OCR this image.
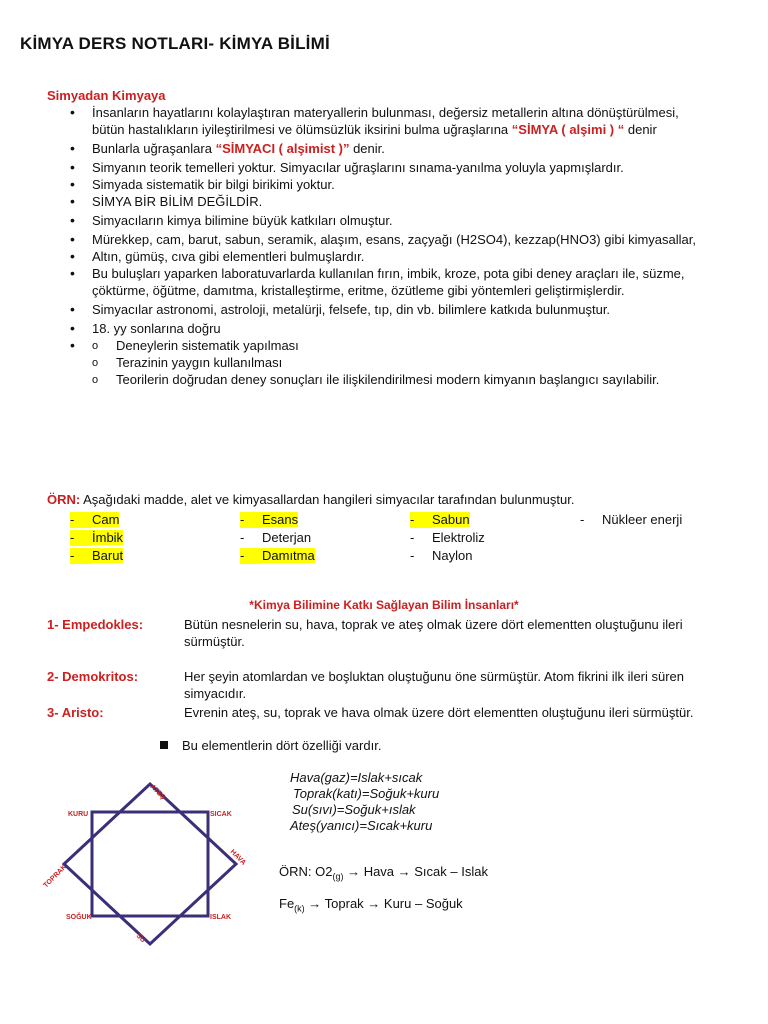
KİMYA DERS NOTLARI- KİMYA BİLİMİ
Simyadan Kimyaya
• İnsanların hayatlarını kolaylaştıran materyallerin bulunması, değersiz metallerin altına dönüştürülmesi, bütün hastalıkların iyileştirilmesi ve ölümsüzlük iksirini bulma uğraşlarına “SİMYA ( alşimi ) “ denir
• Bunlarla uğraşanlara “SİMYACI ( alşimist )” denir.
• Simyanın teorik temelleri yoktur. Simyacılar uğraşlarını sınama-yanılma yoluyla yapmışlardır.
• Simyada sistematik bir bilgi birikimi yoktur.
• SİMYA BİR BİLİM DEĞİLDİR.
• Simyacıların kimya bilimine büyük katkıları olmuştur.
• Mürekkep, cam, barut, sabun, seramik, alaşım, esans, zaçyağı (H2SO4), kezzap(HNO3) gibi kimyasallar,
• Altın, gümüş, cıva gibi elementleri bulmuşlardır.
• Bu buluşları yaparken laboratuvarlarda kullanılan fırın, imbik, kroze, pota gibi deney araçları ile, süzme, çöktürme, öğütme, damıtma, kristalleştirme, eritme, özütleme gibi yöntemleri geliştirmişlerdir.
• Simyacılar astronomi, astroloji, metalürji, felsefe, tıp, din vb. bilimlere katkıda bulunmuştur.
• 18. yy sonlarına doğru
o • Deneylerin sistematik yapılması
o Terazinin yaygın kullanılması
o Teorilerin doğrudan deney sonuçları ile ilişkilendirilmesi modern kimyanın başlangıcı sayılabilir.
ÖRN: Aşağıdaki madde, alet ve kimyasallardan hangileri simyacılar tarafından bulunmuştur.
- Cam	- Esans	- Sabun	- Nükleer enerji
- İmbik	- Deterjan	- Elektroliz
- Barut	- Damıtma	- Naylon
*Kimya Bilimine Katkı Sağlayan Bilim İnsanları*
1- Empedokles:	Bütün nesnelerin su, hava, toprak ve ateş olmak üzere dört elementten oluştuğunu ileri sürmüştür.
2- Demokritos:	Her şeyin atomlardan ve boşluktan oluştuğunu öne sürmüştür. Atom fikrini ilk ileri süren simyacıdır.
3- Aristo:	Evrenin ateş, su, toprak ve hava olmak üzere dört elementten oluştuğunu ileri sürmüştür.
Bu elementlerin dört özelliği vardır.
Hava(gaz)=Islak+sıcak
Toprak(katı)=Soğuk+kuru
Su(sıvı)=Soğuk+ıslak
Ateş(yanıcı)=Sıcak+kuru
ATEŞ
KURU	SICAK
HAVA
TOPRAK
SOĞUK	ISLAK
SU
ÖRN: $O2_{(g)}$ → Hava → Sıcak – Islak
$Fe_{(k)}$ → Toprak → Kuru – Soğuk
